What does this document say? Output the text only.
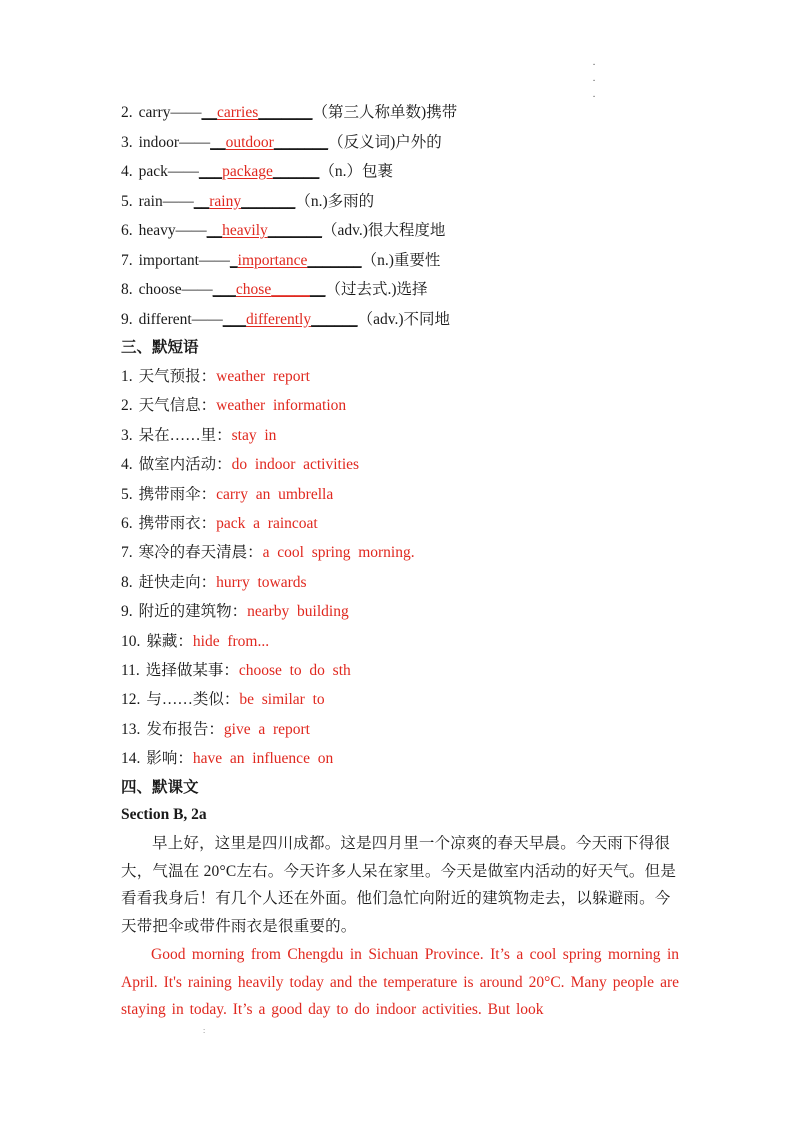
·
·
·
2. carry——__carries_______（第三人称单数)携带
3. indoor——__outdoor_______（反义词)户外的
4. pack——___package______（n.）包裹
5. rain——__rainy_______（n.)多雨的
6. heavy——__heavily_______（adv.)很大程度地
7. important——_importance_______（n.)重要性
8. choose——___chose_______（过去式.)选择
9. different——___differently______（adv.)不同地
三、默短语
1. 天气预报：weather  report
2. 天气信息：weather  information
3. 呆在……里：stay  in
4. 做室内活动：do  indoor  activities
5. 携带雨伞：carry  an  umbrella
6. 携带雨衣：pack  a  raincoat
7. 寒冷的春天清晨：a  cool  spring  morning.
8. 赶快走向：hurry  towards
9. 附近的建筑物：nearby  building
10. 躲藏：hide  from...
11. 选择做某事：choose  to  do  sth
12. 与……类似：be  similar  to
13. 发布报告：give  a  report
14. 影响：have  an  influence  on
四、默课文
Section B, 2a
早上好，这里是四川成都。这是四月里一个凉爽的春天早晨。今天雨下得很大，气温在 20°C左右。今天许多人呆在家里。今天是做室内活动的好天气。但是看看我身后！有几个人还在外面。他们急忙向附近的建筑物走去，以躲避雨。今天带把伞或带件雨衣是很重要的。
Good morning from Chengdu in Sichuan Province. It’s a cool spring morning in April. It's raining heavily today and the temperature is around 20°C. Many people are staying in today. It’s a good day to do indoor activities. But look
:
